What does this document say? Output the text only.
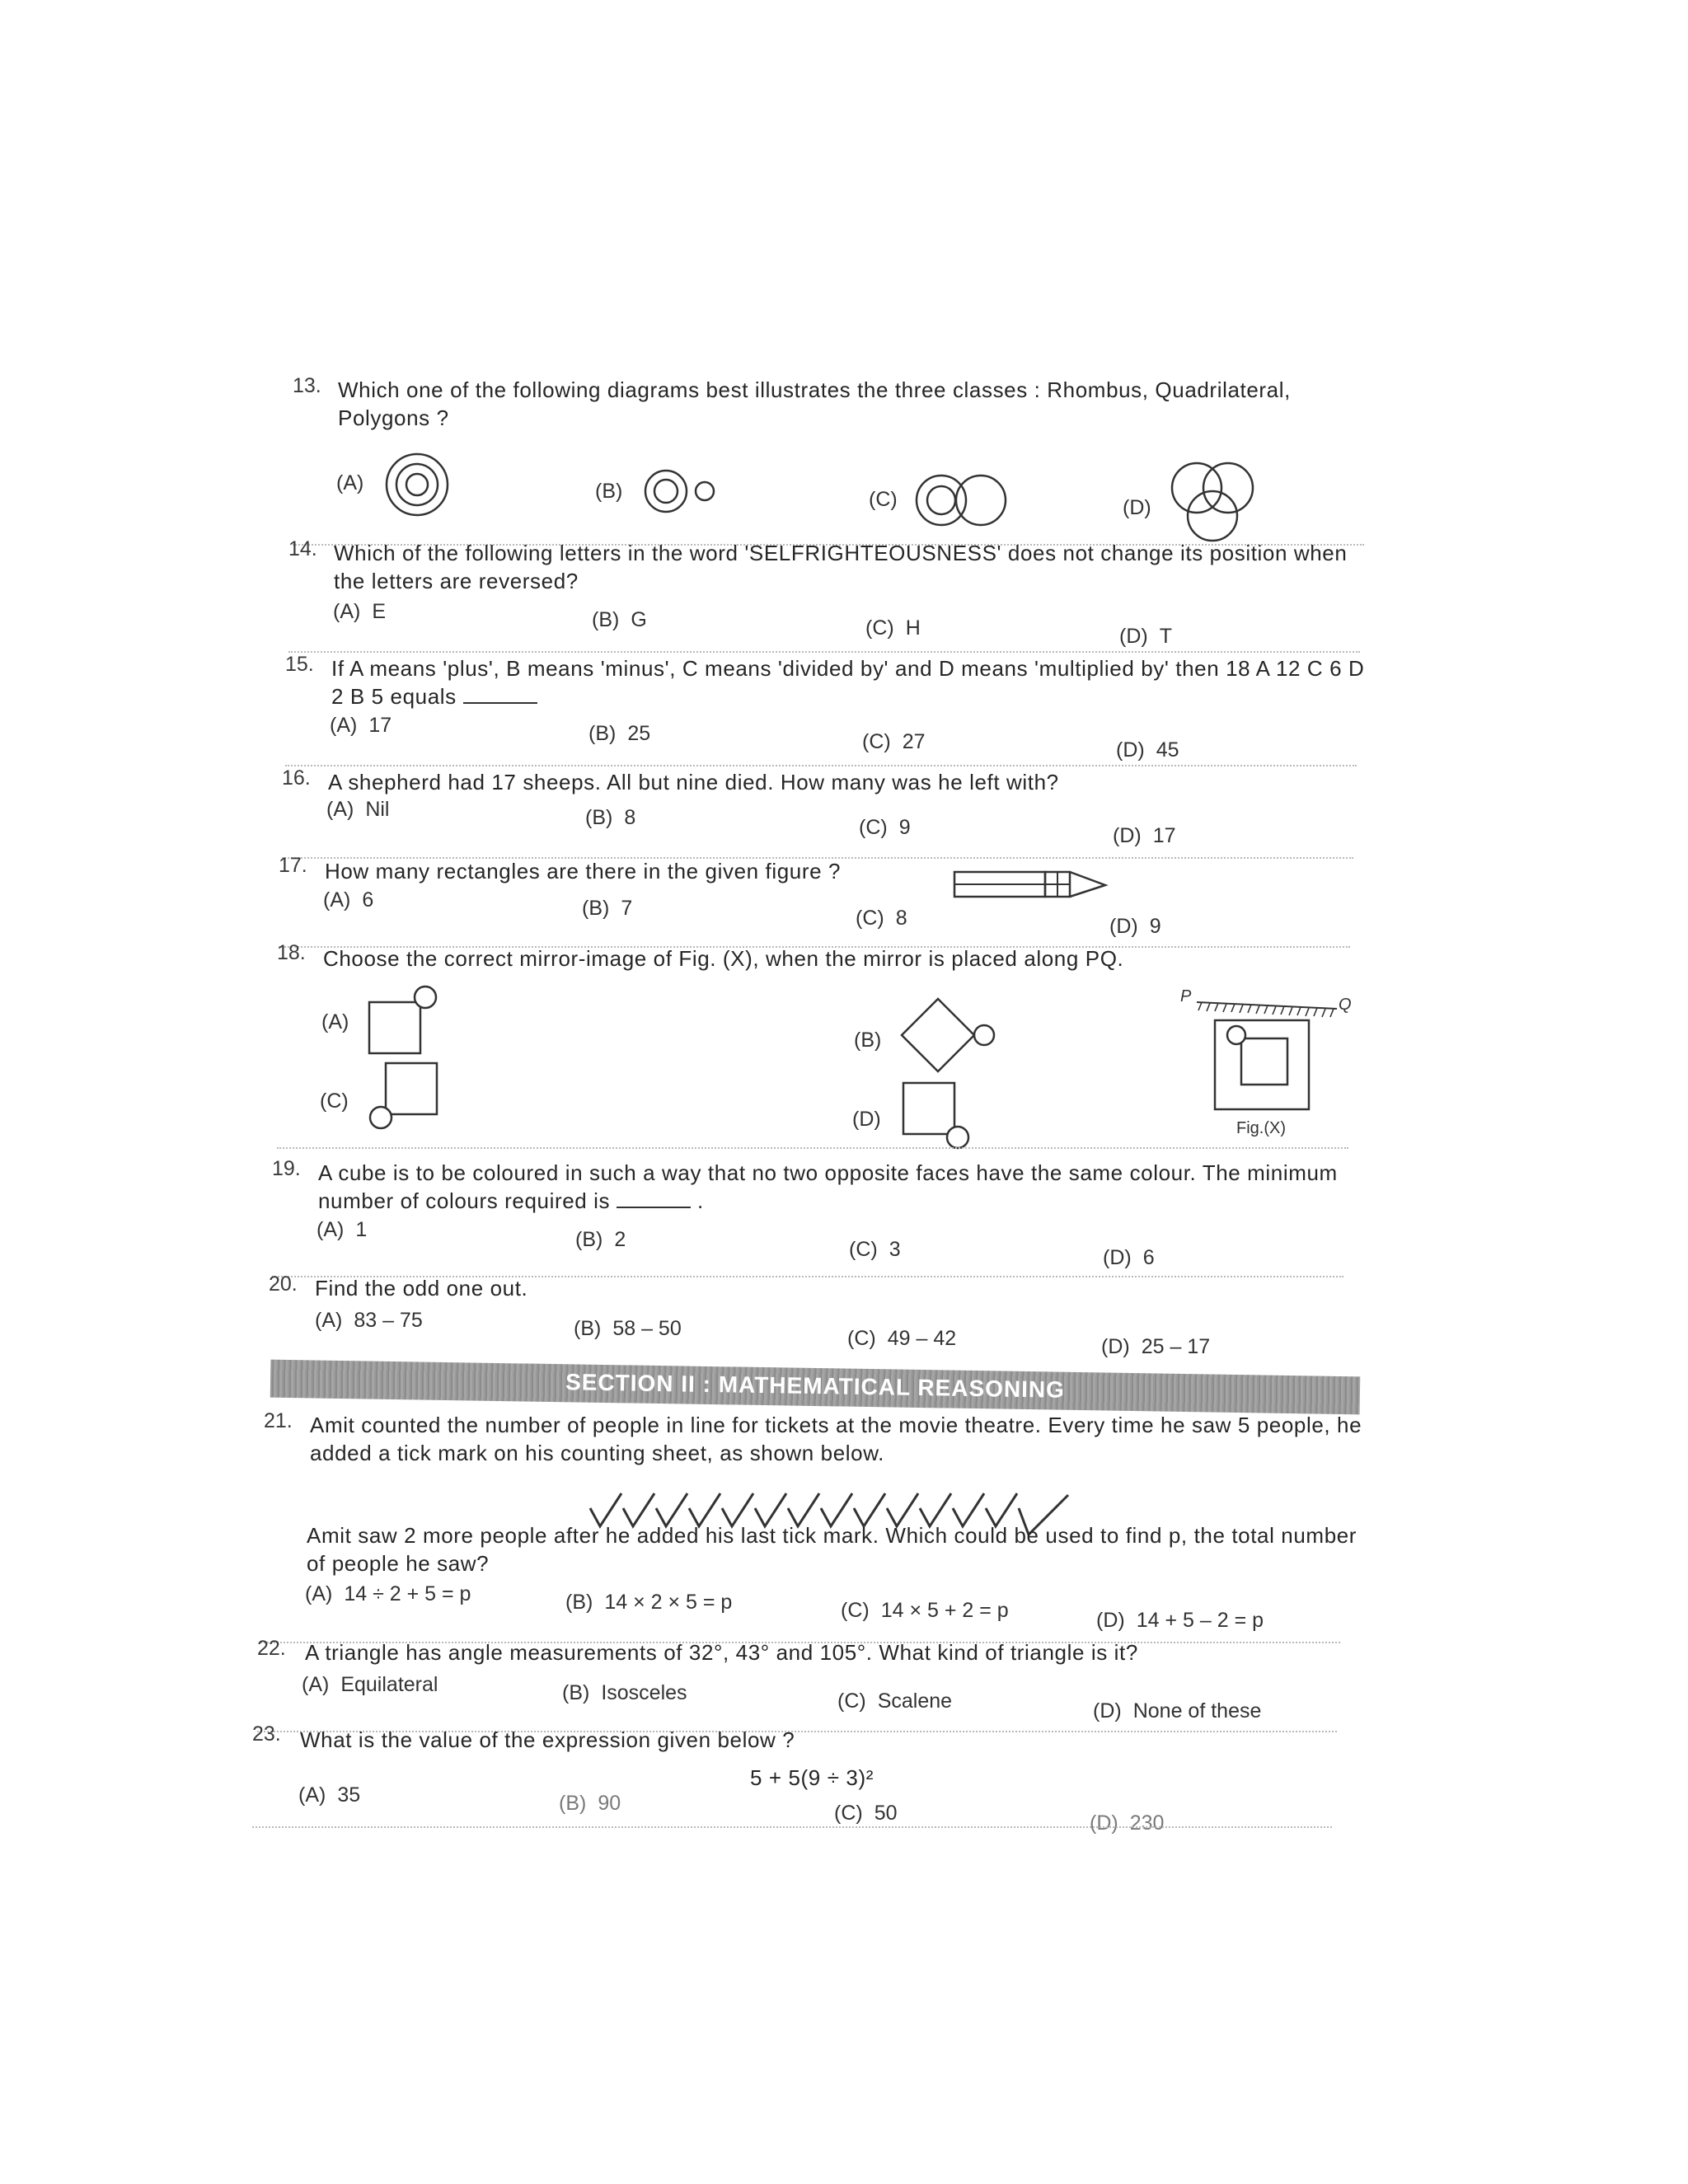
13. Which one of the following diagrams best illustrates the three classes : Rhombus, Quadrilateral, Polygons ?
(A)	(B)	(C)	(D)
14. Which of the following letters in the word 'SELFRIGHTEOUSNESS' does not change its position when the letters are reversed?
(A) E	(B) G	(C) H	(D) T
15. If A means 'plus', B means 'minus', C means 'divided by' and D means 'multiplied by' then 18 A 12 C 6 D 2 B 5 equals
(A) 17	(B) 25	(C) 27	(D) 45
16. A shepherd had 17 sheeps. All but nine died. How many was he left with?
(A) Nil	(B) 8	(C) 9	(D) 17
17. How many rectangles are there in the given figure ?
(A) 6	(B) 7	(C) 8	(D) 9
18. Choose the correct mirror-image of Fig. (X), when the mirror is placed along PQ.
(A)
(B)
(C)
(D)
P	Q
Fig.(X)
19. A cube is to be coloured in such a way that no two opposite faces have the same colour. The minimum number of colours required is	.
(A) 1	(B) 2	(C) 3	(D) 6
20. Find the odd one out.
(A) 83 – 75	(B) 58 – 50	(C) 49 – 42	(D) 25 – 17
SECTION II : MATHEMATICAL REASONING
21. Amit counted the number of people in line for tickets at the movie theatre. Every time he saw 5 people, he added a tick mark on his counting sheet, as shown below.
Amit saw 2 more people after he added his last tick mark. Which could be used to find p, the total number of people he saw?
(A) 14 ÷ 2 + 5 = p	(B) 14 × 2 × 5 = p	(C) 14 × 5 + 2 = p	(D) 14 + 5 – 2 = p
22. A triangle has angle measurements of 32°, 43° and 105°. What kind of triangle is it?
(A) Equilateral	(B) Isosceles	(C) Scalene	(D) None of these
23. What is the value of the expression given below ?
5 + 5(9 ÷ 3)²
(A) 35	(B) 90	(C) 50	(D) 230
